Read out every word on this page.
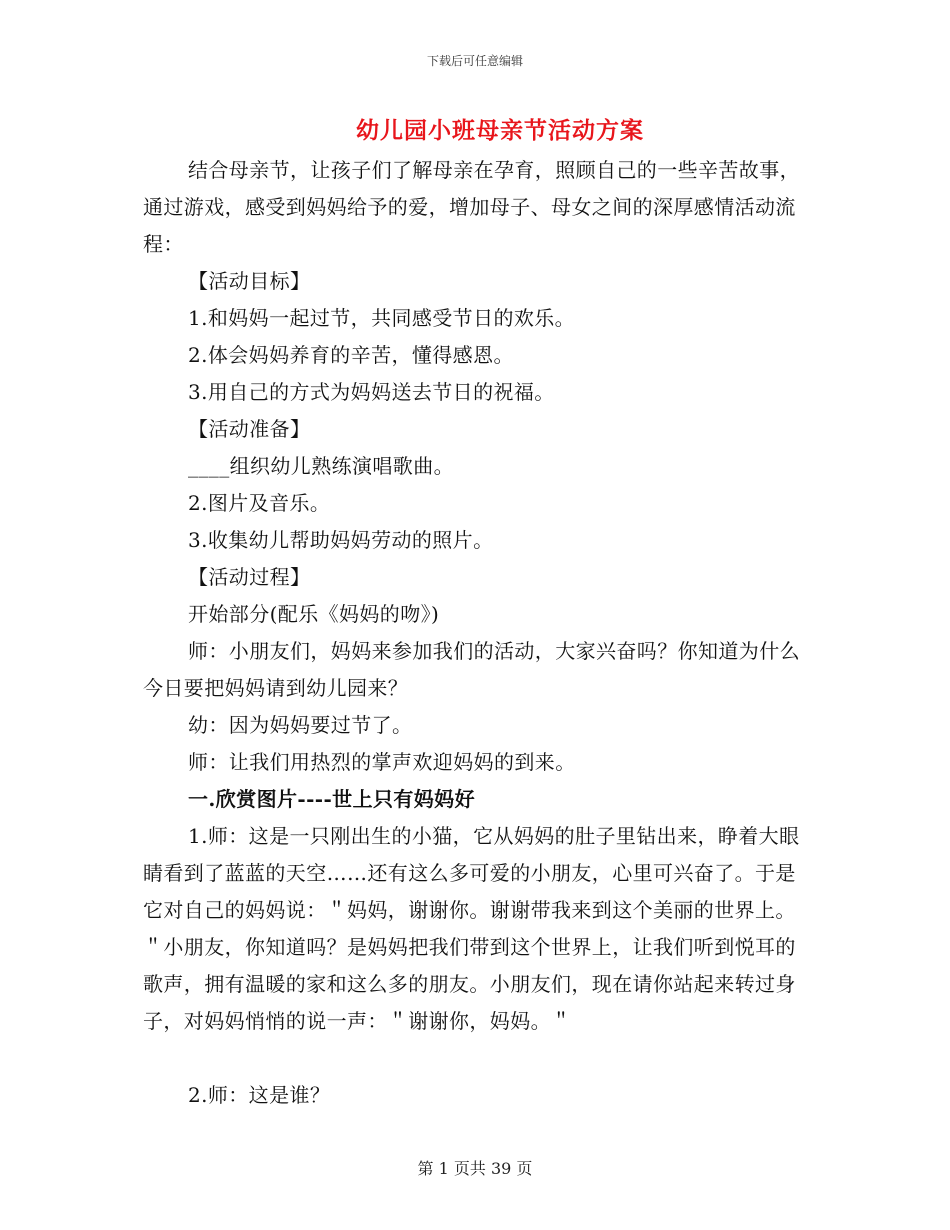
下载后可任意编辑
幼儿园小班母亲节活动方案

结合母亲节，让孩子们了解母亲在孕育，照顾自己的一些辛苦故事，通过游戏，感受到妈妈给予的爱，增加母子、母女之间的深厚感情活动流程：

【活动目标】

1.和妈妈一起过节，共同感受节日的欢乐。

2.体会妈妈养育的辛苦，懂得感恩。

3.用自己的方式为妈妈送去节日的祝福。

【活动准备】

____组织幼儿熟练演唱歌曲。

2.图片及音乐。

3.收集幼儿帮助妈妈劳动的照片。

【活动过程】

开始部分(配乐《妈妈的吻》)

师：小朋友们，妈妈来参加我们的活动，大家兴奋吗？你知道为什么今日要把妈妈请到幼儿园来？

幼：因为妈妈要过节了。

师：让我们用热烈的掌声欢迎妈妈的到来。

一.欣赏图片----世上只有妈妈好

1.师：这是一只刚出生的小猫，它从妈妈的肚子里钻出来，睁着大眼睛看到了蓝蓝的天空……还有这么多可爱的小朋友，心里可兴奋了。于是它对自己的妈妈说：＂妈妈，谢谢你。谢谢带我来到这个美丽的世界上。＂小朋友，你知道吗？是妈妈把我们带到这个世界上，让我们听到悦耳的歌声，拥有温暖的家和这么多的朋友。小朋友们，现在请你站起来转过身子，对妈妈悄悄的说一声：＂谢谢你，妈妈。＂

2.师：这是谁？

第 1 页共 39 页
